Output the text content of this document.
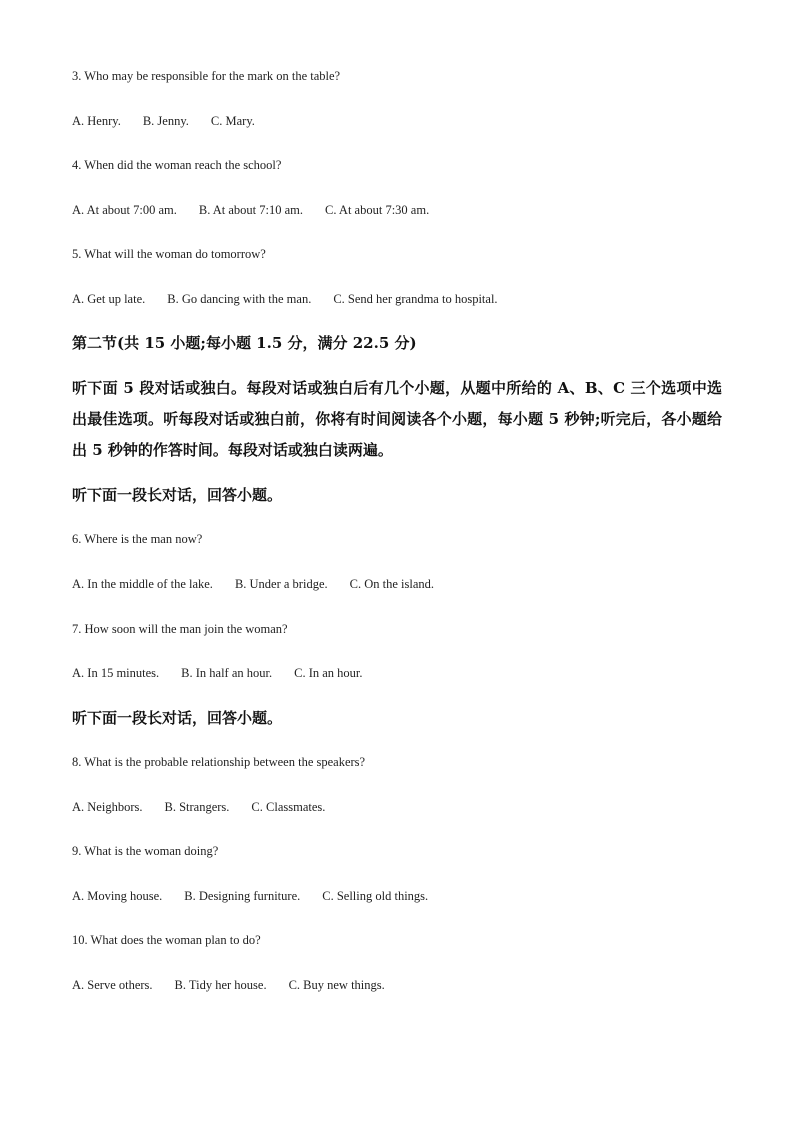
3. Who may be responsible for the mark on the table?
A. Henry. B. Jenny. C. Mary.
4. When did the woman reach the school?
A. At about 7:00 am. B. At about 7:10 am. C. At about 7:30 am.
5. What will the woman do tomorrow?
A. Get up late. B. Go dancing with the man. C. Send her grandma to hospital.
第二节(共 15 小题;每小题 1.5 分，满分 22.5 分)
听下面 5 段对话或独白。每段对话或独白后有几个小题，从题中所给的 A、B、C 三个选项中选出最佳选项。听每段对话或独白前，你将有时间阅读各个小题，每小题 5 秒钟;听完后，各小题给出 5 秒钟的作答时间。每段对话或独白读两遍。
听下面一段长对话，回答小题。
6. Where is the man now?
A. In the middle of the lake. B. Under a bridge. C. On the island.
7. How soon will the man join the woman?
A. In 15 minutes. B. In half an hour. C. In an hour.
听下面一段长对话，回答小题。
8. What is the probable relationship between the speakers?
A. Neighbors. B. Strangers. C. Classmates.
9. What is the woman doing?
A. Moving house. B. Designing furniture. C. Selling old things.
10. What does the woman plan to do?
A. Serve others. B. Tidy her house. C. Buy new things.
